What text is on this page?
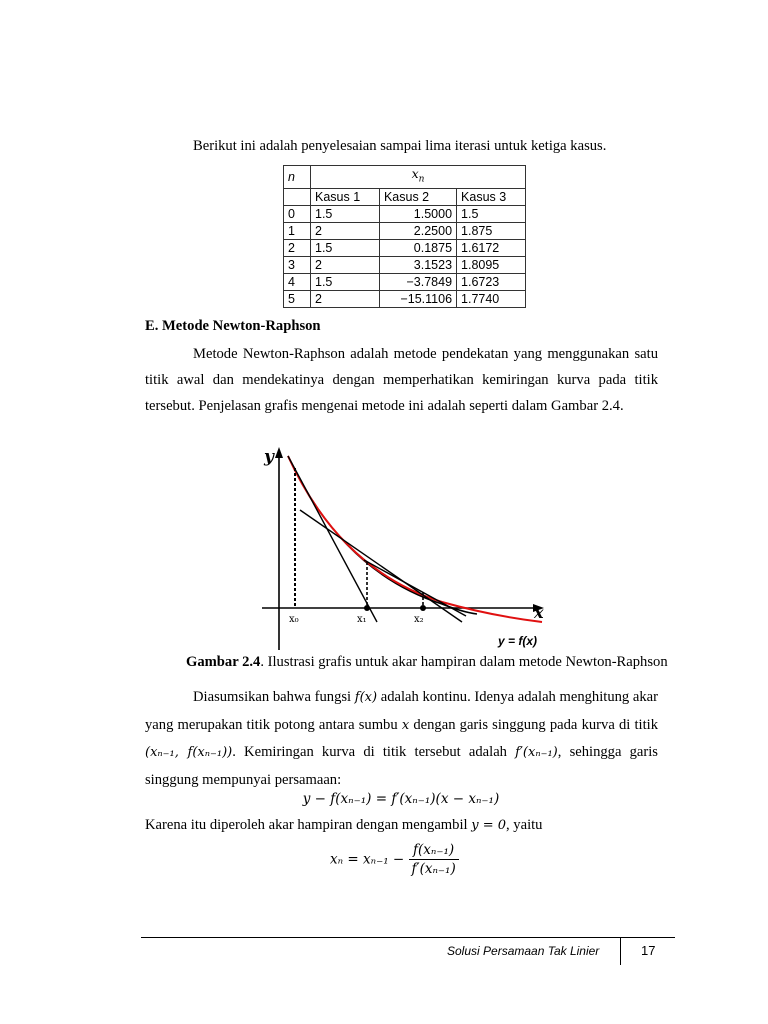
Berikut ini adalah penyelesaian sampai lima iterasi untuk ketiga kasus.
n	$x_n$
	Kasus 1	Kasus 2	Kasus 3
0	1.5	1.5000	1.5
1	2	2.2500	1.875
2	1.5	0.1875	1.6172
3	2	3.1523	1.8095
4	1.5	−3.7849	1.6723
5	2	−15.1106	1.7740
E. Metode Newton-Raphson
Metode Newton-Raphson adalah metode pendekatan yang menggunakan satu titik awal dan mendekatinya dengan memperhatikan kemiringan kurva pada titik tersebut. Penjelasan grafis mengenai metode ini adalah seperti dalam Gambar 2.4.
y
x
x₀	x₁	x₂
y = f(x)
Gambar 2.4. Ilustrasi grafis untuk akar hampiran dalam metode Newton-Raphson
Diasumsikan bahwa fungsi f(x) adalah kontinu. Idenya adalah menghitung akar yang merupakan titik potong antara sumbu x dengan garis singgung pada kurva di titik (xₙ₋₁, f(xₙ₋₁)). Kemiringan kurva di titik tersebut adalah f′(xₙ₋₁), sehingga garis singgung mempunyai persamaan:
y − f(xₙ₋₁) = f′(xₙ₋₁)(x − xₙ₋₁)
Karena itu diperoleh akar hampiran dengan mengambil y = 0, yaitu
$x_n = x_{n-1} - \frac{\text{f(xₙ₋₁)}}{\text{f′(xₙ₋₁)}}$
Solusi Persamaan Tak Linier	17
